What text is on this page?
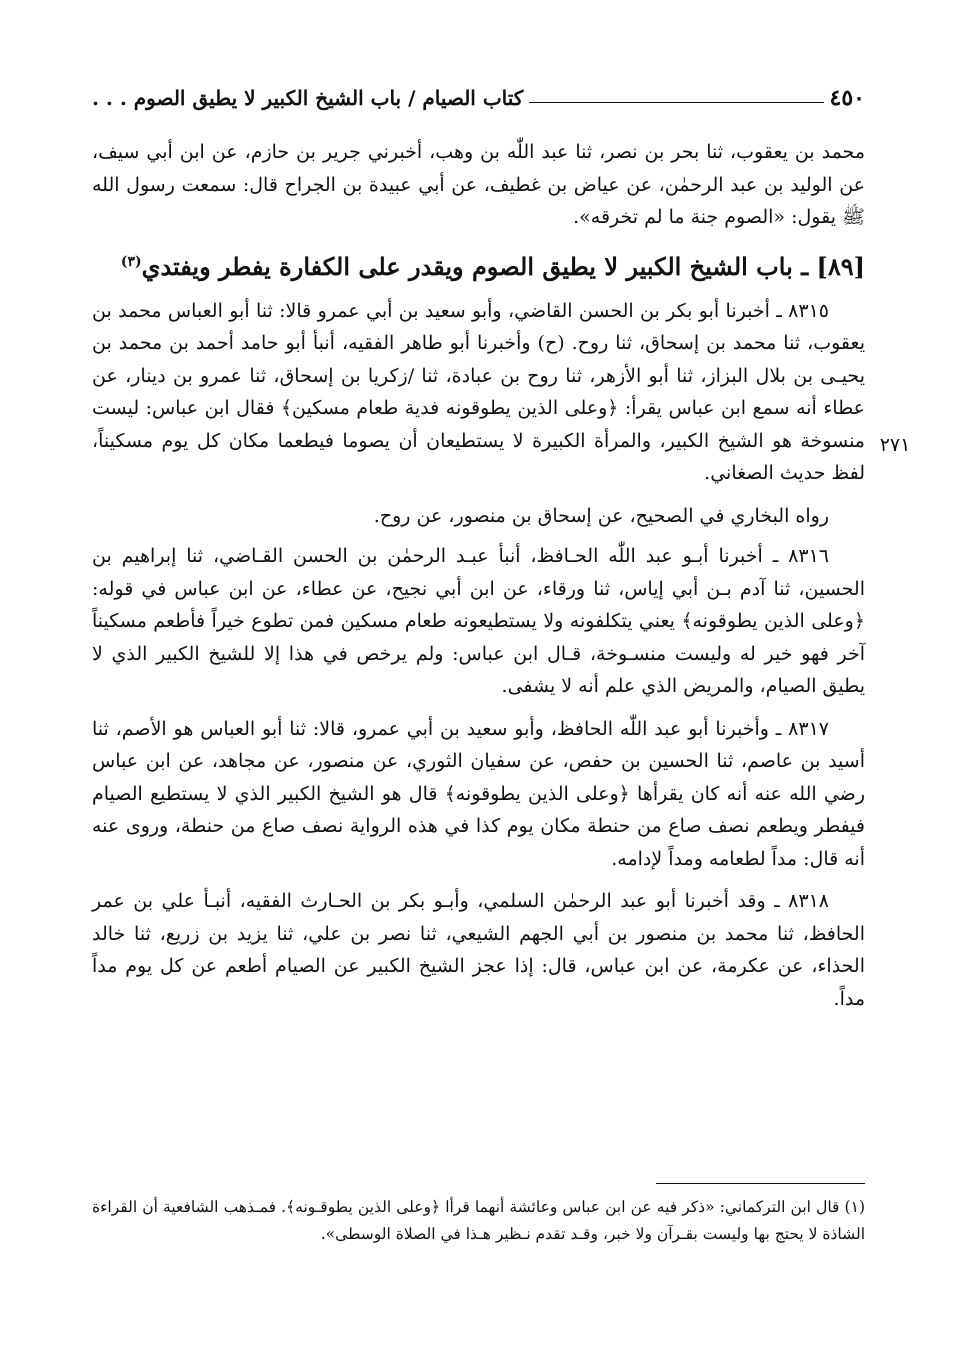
كتاب الصيام / باب الشيخ الكبير لا يطيق الصوم . . .	٤٥٠
٢٧١

محمد بن يعقوب، ثنا بحر بن نصر، ثنا عبد اللّٰه بن وهب، أخبرني جرير بن حازم، عن ابن أبي سيف، عن الوليد بن عبد الرحمٰن، عن عياض بن غطيف، عن أبي عبيدة بن الجراح قال: سمعت رسول الله ﷺ يقول: «الصوم جنة ما لم تخرقه».

[٨٩] ـ باب الشيخ الكبير لا يطيق الصوم ويقدر على الكفارة يفطر ويفتدي$^{(٣)}$

٨٣١٥ ـ أخبرنا أبو بكر بن الحسن القاضي، وأبو سعيد بن أبي عمرو قالا: ثنا أبو العباس محمد بن يعقوب، ثنا محمد بن إسحاق، ثنا روح. (ح) وأخبرنا أبو طاهر الفقيه، أنبأ أبو حامد أحمد بن محمد بن يحيـى بن بلال البزاز، ثنا أبو الأزهر، ثنا روح بن عبادة، ثنا /زكريا بن إسحاق، ثنا عمرو بن دينار، عن عطاء أنه سمع ابن عباس يقرأ: ﴿وعلى الذين يطوقونه فدية طعام مسكين﴾ فقال ابن عباس: ليست منسوخة هو الشيخ الكبير، والمرأة الكبيرة لا يستطيعان أن يصوما فيطعما مكان كل يوم مسكيناً، لفظ حديث الصغاني.

رواه البخاري في الصحيح، عن إسحاق بن منصور، عن روح.

٨٣١٦ ـ أخبرنا أبـو عبد اللّٰه الحـافظ، أنبأ عبـد الرحمٰن بن الحسن القـاضي، ثنا إبراهيم بن الحسين، ثنا آدم بـن أبي إياس، ثنا ورقاء، عن ابن أبي نجيح، عن عطاء، عن ابن عباس في قوله: ﴿وعلى الذين يطوقونه﴾ يعني يتكلفونه ولا يستطيعونه طعام مسكين فمن تطوع خيراً فأطعم مسكيناً آخر فهو خير له وليست منسـوخة، قـال ابن عباس: ولم يرخص في هذا إلا للشيخ الكبير الذي لا يطيق الصيام، والمريض الذي علم أنه لا يشفى.

٨٣١٧ ـ وأخبرنا أبو عبد اللّٰه الحافظ، وأبو سعيد بن أبي عمرو، قالا: ثنا أبو العباس هو الأصم، ثنا أسيد بن عاصم، ثنا الحسين بن حفص، عن سفيان الثوري، عن منصور، عن مجاهد، عن ابن عباس رضي الله عنه أنه كان يقرأها ﴿وعلى الذين يطوقونه﴾ قال هو الشيخ الكبير الذي لا يستطيع الصيام فيفطر ويطعم نصف صاع من حنطة مكان يوم كذا في هذه الرواية نصف صاع من حنطة، وروى عنه أنه قال: مداً لطعامه ومداً لإدامه.

٨٣١٨ ـ وقد أخبرنا أبو عبد الرحمٰن السلمي، وأبـو بكر بن الحـارث الفقيه، أنبـأ علي بن عمر الحافظ، ثنا محمد بن منصور بن أبي الجهم الشيعي، ثنا نصر بن علي، ثنا يزيد بن زريع، ثنا خالد الحذاء، عن عكرمة، عن ابن عباس، قال: إذا عجز الشيخ الكبير عن الصيام أطعم عن كل يوم مداً مداً.

(١) قال ابن التركماني: «ذكر فيه عن ابن عباس وعائشة أنهما قرأا ﴿وعلى الذين يطوقـونه﴾. فمـذهب الشافعية أن القراءة الشاذة لا يحتج بها وليست بقـرآن ولا خبر، وقـد تقدم نـظير هـذا في الصلاة الوسطى».
